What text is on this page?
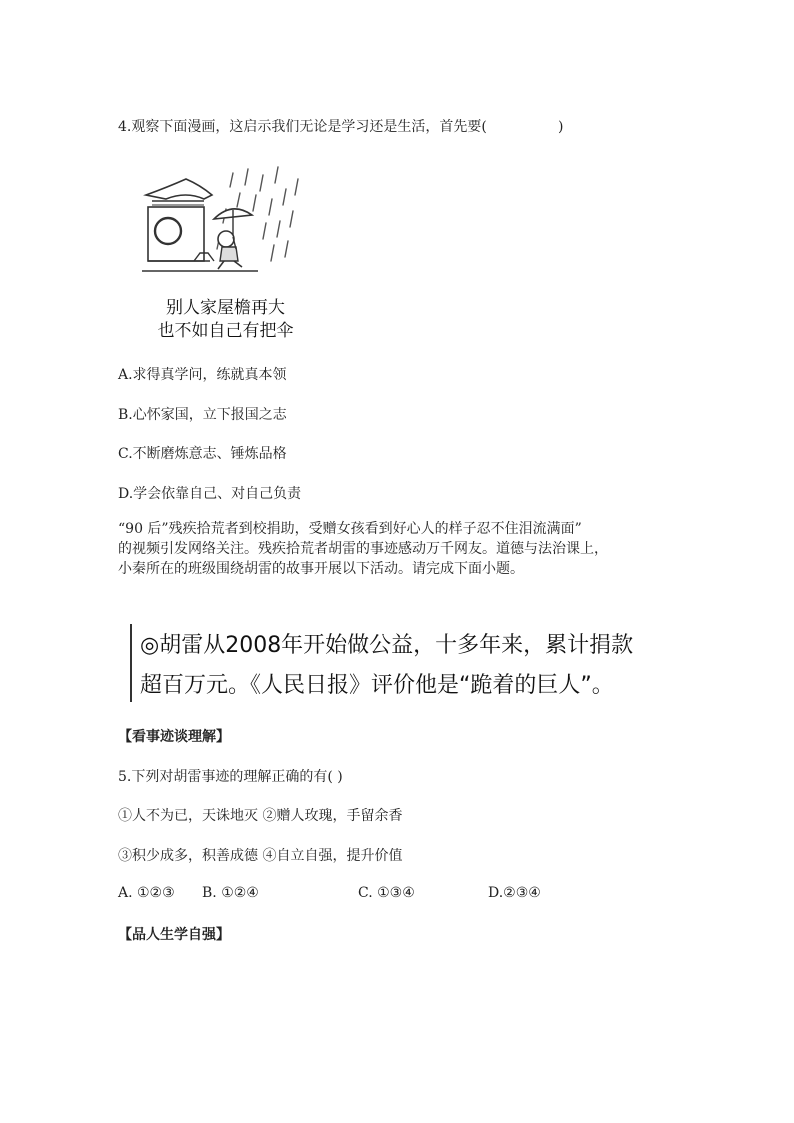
4.观察下面漫画，这启示我们无论是学习还是生活，首先要(                )
别人家屋檐再大
也不如自己有把伞
A.求得真学问，练就真本领
B.心怀家国，立下报国之志
C.不断磨炼意志、锤炼品格
D.学会依靠自己、对自己负责
“90 后”残疾拾荒者到校捐助，受赠女孩看到好心人的样子忍不住泪流满面”
的视频引发网络关注。残疾拾荒者胡雷的事迹感动万千网友。道德与法治课上，
小秦所在的班级围绕胡雷的故事开展以下活动。请完成下面小题。
◎胡雷从2008年开始做公益，十多年来，累计捐款
超百万元。《人民日报》评价他是“跪着的巨人”。
【看事迹谈理解】
5.下列对胡雷事迹的理解正确的有( )
①人不为已，天诛地灭 ②赠人玫瑰，手留余香
③积少成多，积善成德 ④自立自强，提升价值
A. ①②③ B. ①②④	C. ①③④	D.②③④
【品人生学自强】
